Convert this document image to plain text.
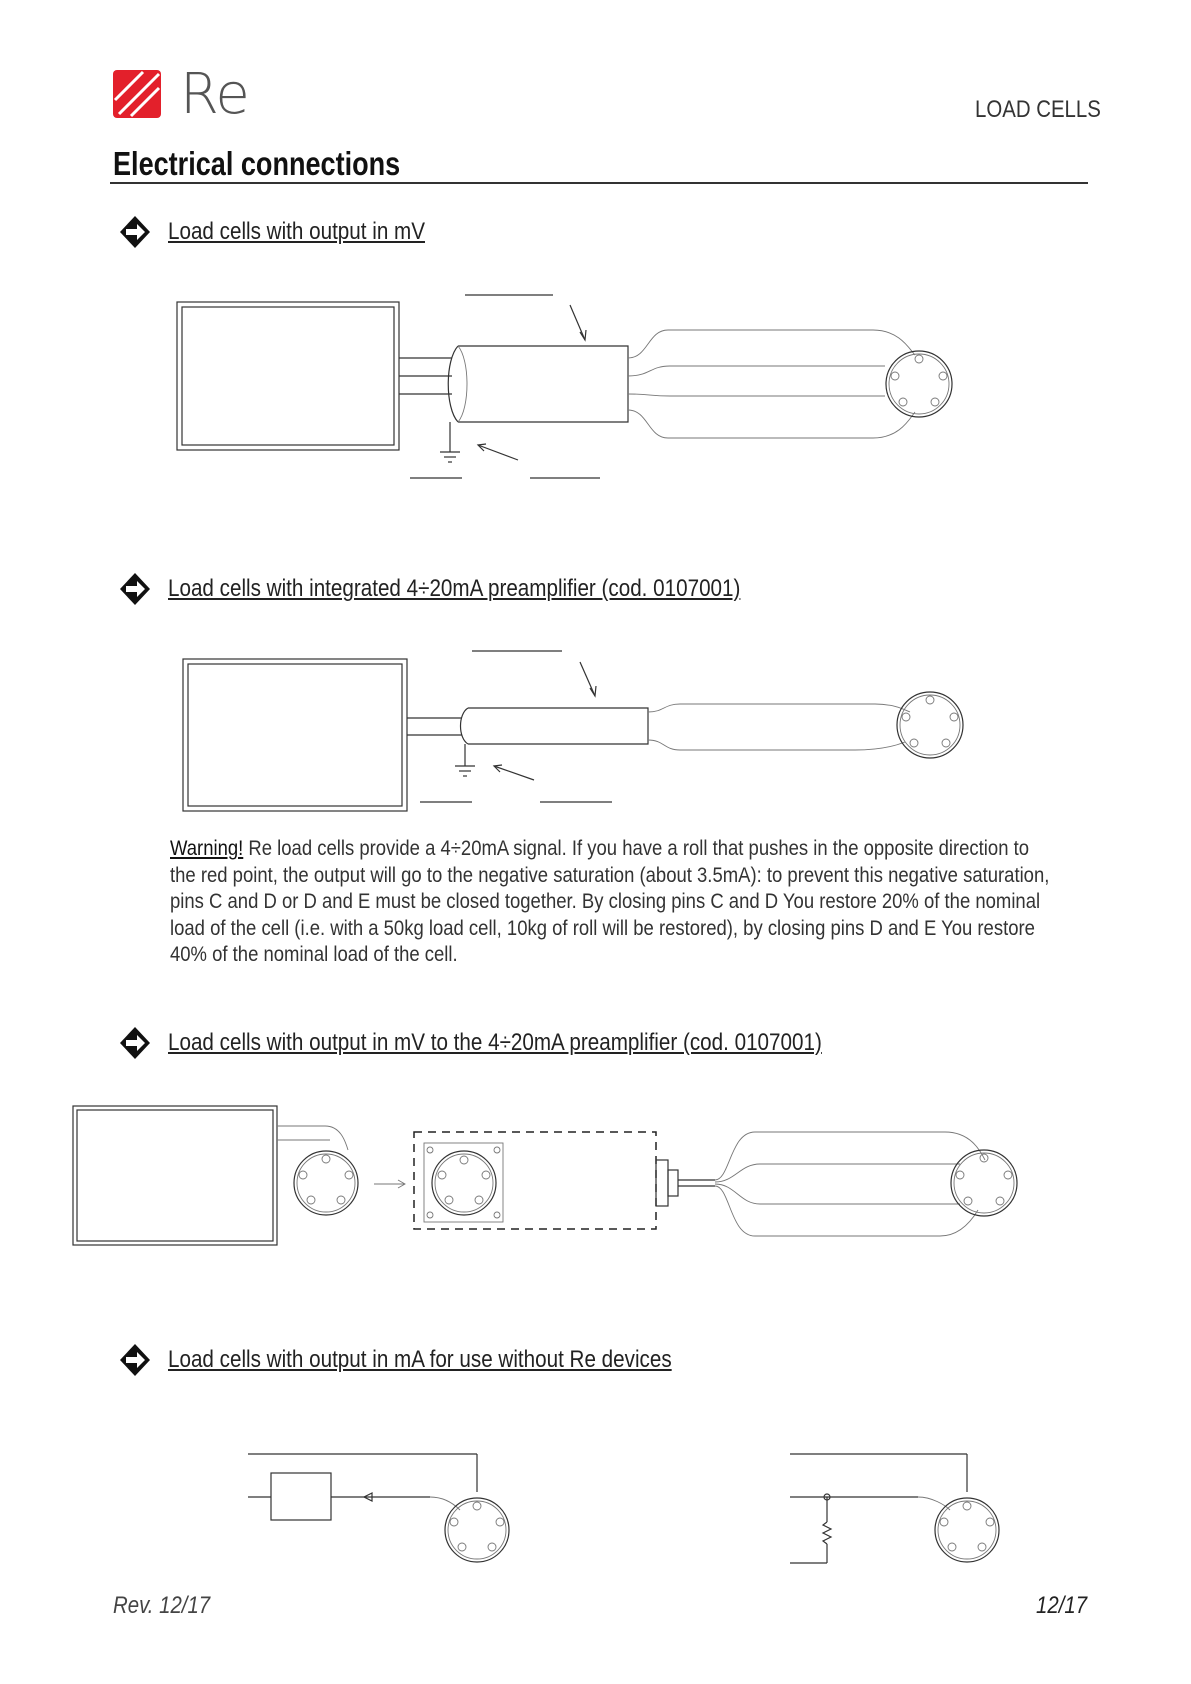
Re	LOAD CELLS
Electrical connections
Load cells with output in mV
Load cells with integrated 4÷20mA preamplifier (cod. 0107001)
Warning! Re load cells provide a 4÷20mA signal. If you have a roll that pushes in the opposite direction to the red point, the output will go to the negative saturation (about 3.5mA): to prevent this negative saturation, pins C and D or D and E must be closed together. By closing pins C and D You restore 20% of the nominal load of the cell (i.e. with a 50kg load cell, 10kg of roll will be restored), by closing pins D and E You restore 40% of the nominal load of the cell.
Load cells with output in mV to the 4÷20mA preamplifier (cod. 0107001)
Load cells with output in mA for use without Re devices
Rev. 12/17	12/17
